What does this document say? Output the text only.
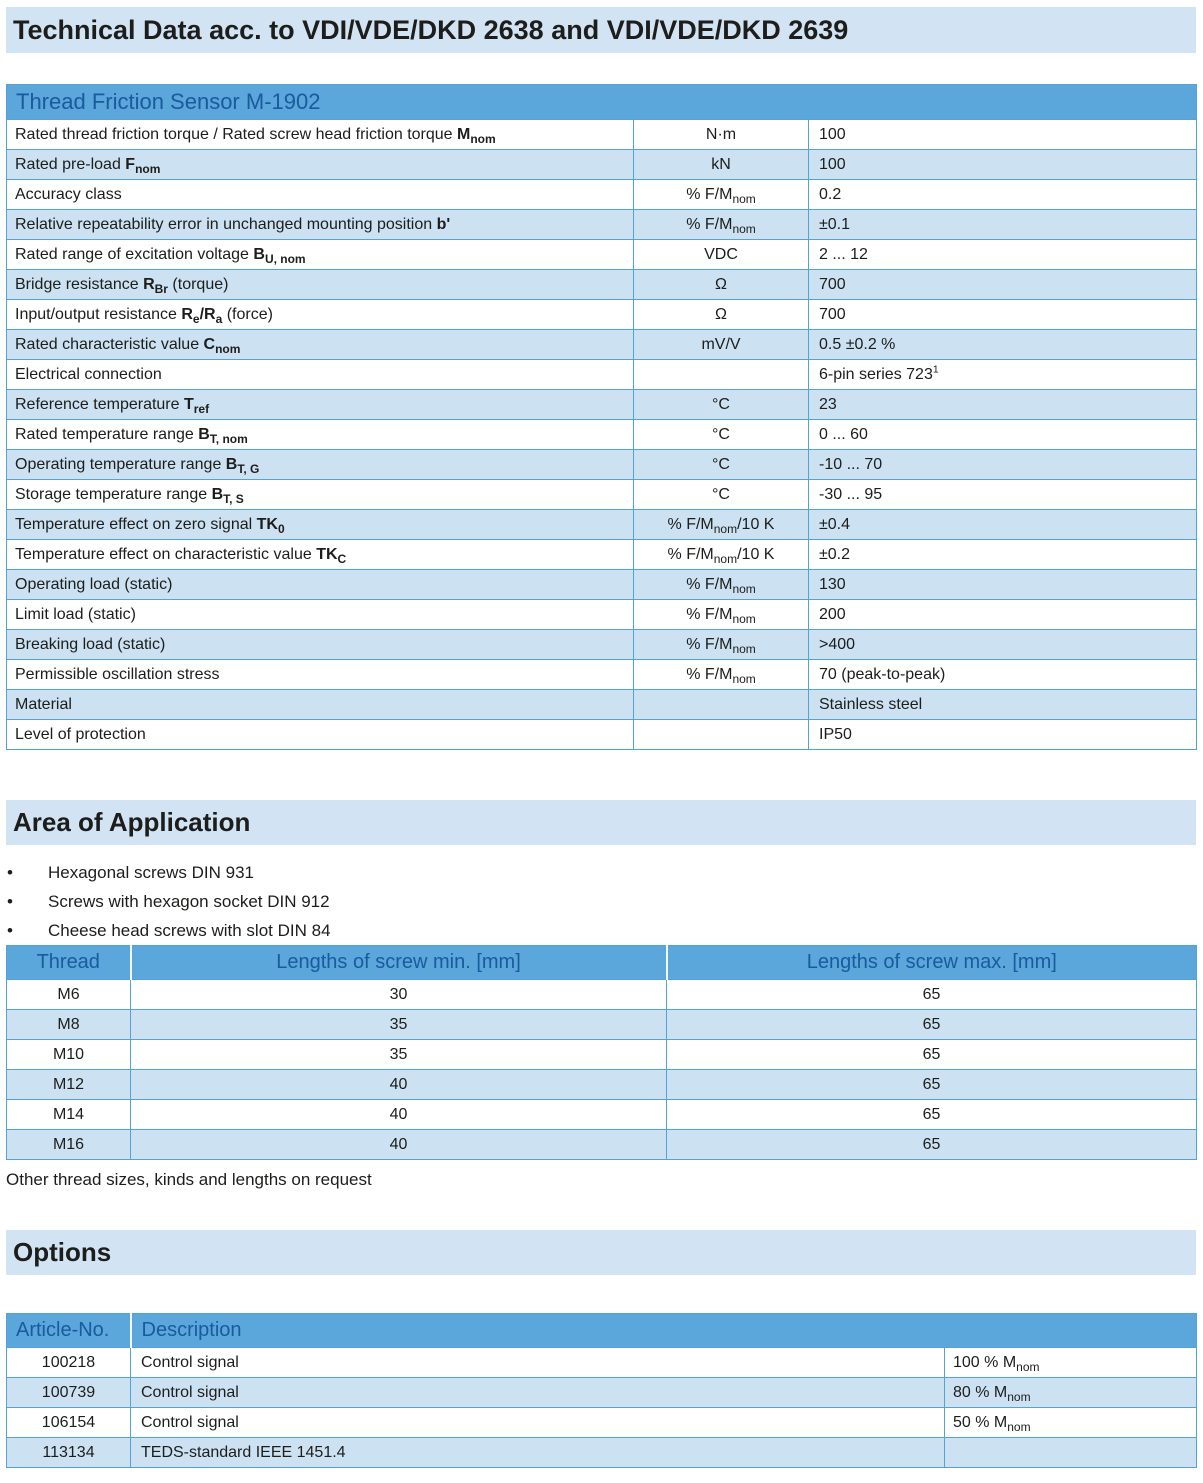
Technical Data acc. to VDI/VDE/DKD 2638 and VDI/VDE/DKD 2639
Thread Friction Sensor M-1902		
Rated thread friction torque / Rated screw head friction torque $M_{nom}$	N·m	100
Rated pre-load $F_{nom}$	kN	100
Accuracy class	% $F/M_{nom}$	0.2
Relative repeatability error in unchanged mounting position b'	% $F/M_{nom}$	±0.1
Rated range of excitation voltage $B_{U, nom}$	VDC	2 ... 12
Bridge resistance $R_{Br}$ (torque)	Ω	700
Input/output resistance $R_e/R_a$ (force)	Ω	700
Rated characteristic value $C_{nom}$	mV/V	0.5 ±0.2 %
Electrical connection		6-pin series $723^1$
Reference temperature $T_{ref}$	°C	23
Rated temperature range $B_{T, nom}$	°C	0 ... 60
Operating temperature range $B_{T, G}$	°C	-10 ... 70
Storage temperature range $B_{T, S}$	°C	-30 ... 95
Temperature effect on zero signal $TK_0$	% $F/M_{nom}/10$ K	±0.4
Temperature effect on characteristic value $TK_C$	% $F/M_{nom}/10$ K	±0.2
Operating load (static)	% $F/M_{nom}$	130
Limit load (static)	% $F/M_{nom}$	200
Breaking load (static)	% $F/M_{nom}$	>400
Permissible oscillation stress	% $F/M_{nom}$	70 (peak-to-peak)
Material		Stainless steel
Level of protection		IP50
Area of Application
• Hexagonal screws DIN 931
• Screws with hexagon socket DIN 912
• Cheese head screws with slot DIN 84
Thread	Lengths of screw min. [mm]	Lengths of screw max. [mm]
M6	30	65
M8	35	65
M10	35	65
M12	40	65
M14	40	65
M16	40	65
Other thread sizes, kinds and lengths on request
Options
Article-No.	Description	
100218	Control signal	100 % $M_{nom}$
100739	Control signal	80 % $M_{nom}$
106154	Control signal	50 % $M_{nom}$
113134	TEDS-standard IEEE 1451.4	
